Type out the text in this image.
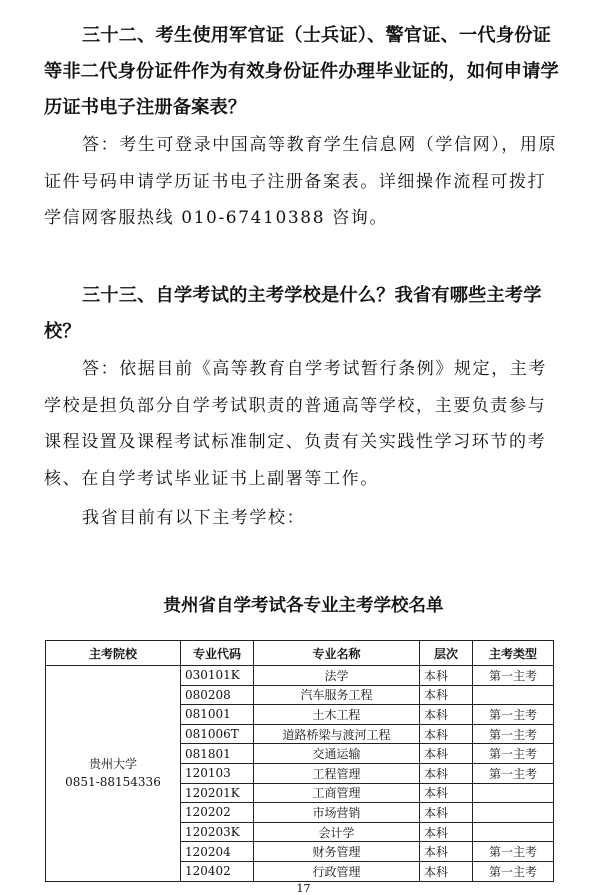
三十二、考生使用军官证（士兵证）、警官证、一代身份证等非二代身份证件作为有效身份证件办理毕业证的，如何申请学历证书电子注册备案表？

答：考生可登录中国高等教育学生信息网（学信网），用原证件号码申请学历证书电子注册备案表。详细操作流程可拨打学信网客服热线 010-67410388 咨询。

三十三、自学考试的主考学校是什么？我省有哪些主考学校？

答：依据目前《高等教育自学考试暂行条例》规定，主考学校是担负部分自学考试职责的普通高等学校，主要负责参与课程设置及课程考试标准制定、负责有关实践性学习环节的考核、在自学考试毕业证书上副署等工作。

我省目前有以下主考学校：

贵州省自学考试各专业主考学校名单

主考院校	专业代码	专业名称	层次	主考类型

贵州大学
0851-88154336	030101K	法学	本科	第一主考
	080208	汽车服务工程	本科	
	081001	土木工程	本科	第一主考
	081006T	道路桥梁与渡河工程	本科	第一主考
	081801	交通运输	本科	第一主考
	120103	工程管理	本科	第一主考
	120201K	工商管理	本科	
	120202	市场营销	本科	
	120203K	会计学	本科	
	120204	财务管理	本科	第一主考
	120402	行政管理	本科	第一主考
17
